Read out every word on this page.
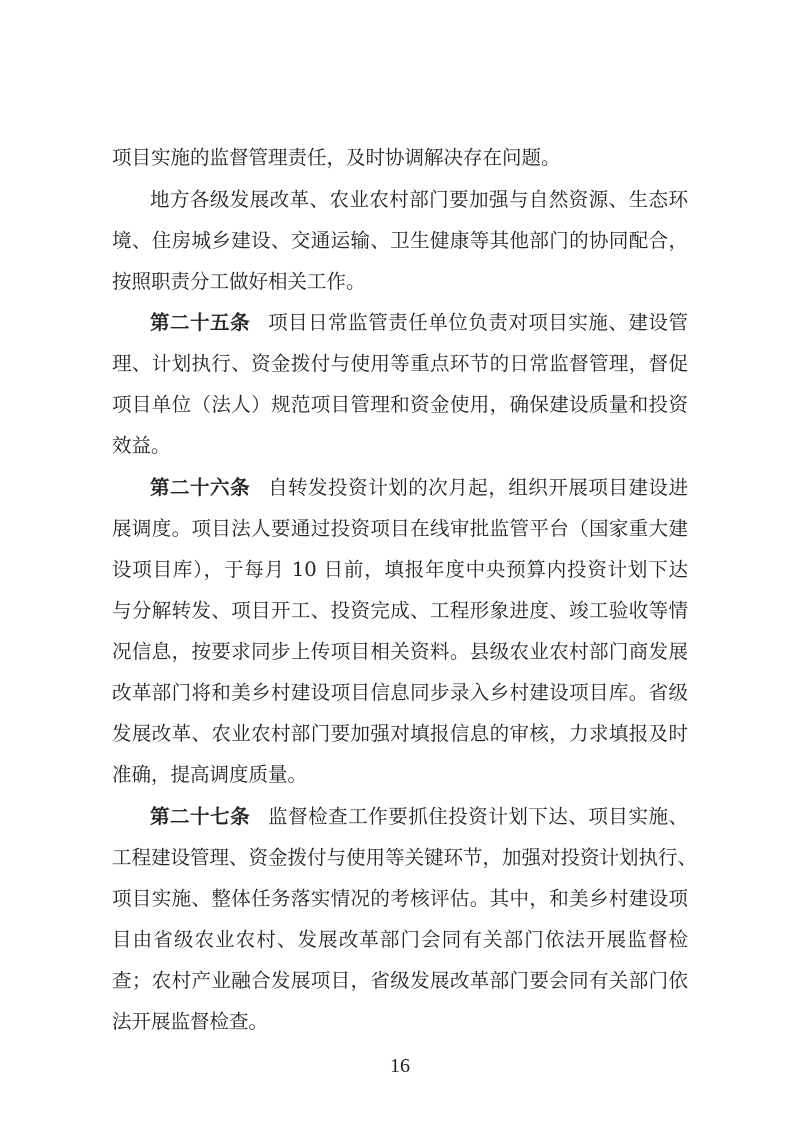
项目实施的监督管理责任，及时协调解决存在问题。
地方各级发展改革、农业农村部门要加强与自然资源、生态环
境、住房城乡建设、交通运输、卫生健康等其他部门的协同配合，
按照职责分工做好相关工作。
第二十五条 项目日常监管责任单位负责对项目实施、建设管
理、计划执行、资金拨付与使用等重点环节的日常监督管理，督促
项目单位（法人）规范项目管理和资金使用，确保建设质量和投资
效益。
第二十六条 自转发投资计划的次月起，组织开展项目建设进
展调度。项目法人要通过投资项目在线审批监管平台（国家重大建
设项目库），于每月 10 日前，填报年度中央预算内投资计划下达
与分解转发、项目开工、投资完成、工程形象进度、竣工验收等情
况信息，按要求同步上传项目相关资料。县级农业农村部门商发展
改革部门将和美乡村建设项目信息同步录入乡村建设项目库。省级
发展改革、农业农村部门要加强对填报信息的审核，力求填报及时
准确，提高调度质量。
第二十七条 监督检查工作要抓住投资计划下达、项目实施、
工程建设管理、资金拨付与使用等关键环节，加强对投资计划执行、
项目实施、整体任务落实情况的考核评估。其中，和美乡村建设项
目由省级农业农村、发展改革部门会同有关部门依法开展监督检
查；农村产业融合发展项目，省级发展改革部门要会同有关部门依
法开展监督检查。
16
